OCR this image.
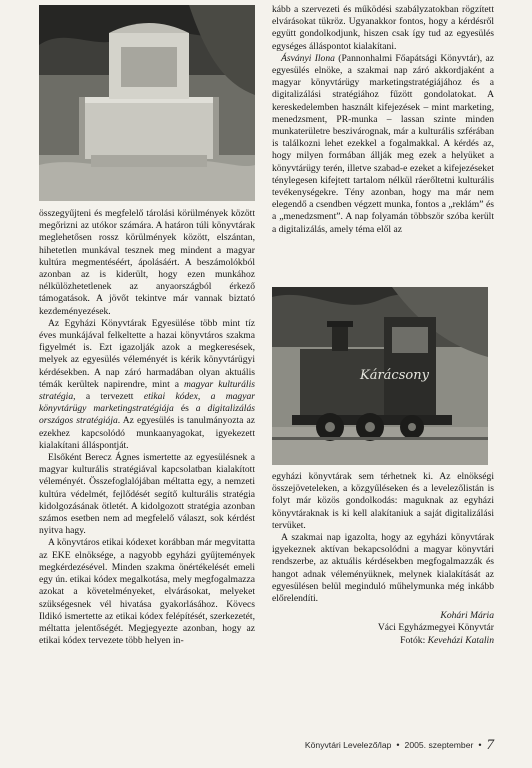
összegyűjteni és megfelelő tárolási körülmények között megőrizni az utókor számára. A határon túli könyvtárak meglehetősen rossz körülmények között, elszántan, hihetetlen munkával tesznek meg mindent a magyar kultúra megmentéséért, ápolásáért. A beszámolókból azonban az is kiderült, hogy ezen munkához nélkülözhetetlenek az anyaországból érkező támogatások. A jövőt tekintve már vannak biztató kezdeményezések.

Az Egyházi Könyvtárak Egyesülése több mint tíz éves munkájával felkeltette a hazai könyvtáros szakma figyelmét is. Ezt igazolják azok a megkeresések, melyek az egyesülés véleményét is kérik könyvtárügyi kérdésekben. A nap záró harmadában olyan aktuális témák kerültek napirendre, mint a magyar kulturális stratégia, a tervezett etikai kódex, a magyar könyvtárügy marketingstratégiája és a digitalizálás országos stratégiája. Az egyesülés is tanulmányozta az ezekhez kapcsolódó munkaanyagokat, igyekezett kialakítani álláspontját.

Elsőként Berecz Ágnes ismertette az egyesülésnek a magyar kulturális stratégiával kapcsolatban kialakított véleményét. Összefoglalójában méltatta egy, a nemzeti kultúra védelmét, fejlődését segítő kulturális stratégia kidolgozásának ötletét. A kidolgozott stratégia azonban számos esetben nem ad megfelelő választ, sok kérdést nyitva hagy.

A könyvtáros etikai kódexet korábban már megvitatta az EKE elnöksége, a nagyobb egyházi gyűjtemények megkérdezésével. Minden szakma önértékelését emeli egy ún. etikai kódex megalkotása, mely megfogalmazza azokat a követelményeket, elvárásokat, melyeket szükségesnek vél hivatása gyakorlásához. Kövecs Ildikó ismertette az etikai kódex felépítését, szerkezetét, méltatta jelentőségét. Megjegyezte azonban, hogy az etikai kódex tervezete több helyen in-

kább a szervezeti és működési szabályzatokban rögzített elvárásokat tükröz. Ugyanakkor fontos, hogy a kérdésről együtt gondolkodjunk, hiszen csak így tud az egyesülés egységes álláspontot kialakítani.

Ásványi Ilona (Pannonhalmi Főapátsági Könyvtár), az egyesülés elnöke, a szakmai nap záró akkordjaként a magyar könyvtárügy marketingstratégiájához és a digitalizálási stratégiához fűzött gondolatokat. A kereskedelemben használt kifejezések – mint marketing, menedzsment, PR-munka – lassan szinte minden munkaterületre beszivárognak, már a kulturális szférában is találkozni lehet ezekkel a fogalmakkal. A kérdés az, hogy milyen formában állják meg ezek a helyüket a könyvtárügy terén, illetve szabad-e ezeket a kifejezéseket ténylegesen kifejtett tartalom nélkül ráerőltetni kulturális tevékenységekre. Tény azonban, hogy ma már nem elegendő a csendben végzett munka, fontos a „reklám” és a „menedzsment”. A nap folyamán többször szóba került a digitalizálás, amely téma elől az

Kárácsony

egyházi könyvtárak sem térhetnek ki. Az elnökségi összejöveteleken, a közgyűléseken és a levelezőlistán is folyt már közös gondolkodás: maguknak az egyházi könyvtáraknak is ki kell alakítaniuk a saját digitalizálási tervüket.

A szakmai nap igazolta, hogy az egyházi könyvtárak igyekeznek aktívan bekapcsolódni a magyar könyvtári rendszerbe, az aktuális kérdésekben megfogalmazzák és hangot adnak véleményüknek, melynek kialakítását az egyesülésen belül meginduló műhelymunka még inkább előrelendíti.

Kohári Mária

Váci Egyházmegyei Könyvtár

Fotók: Keveházi Katalin

Könyvtári Levelező/lap • 2005. szeptember • 7
